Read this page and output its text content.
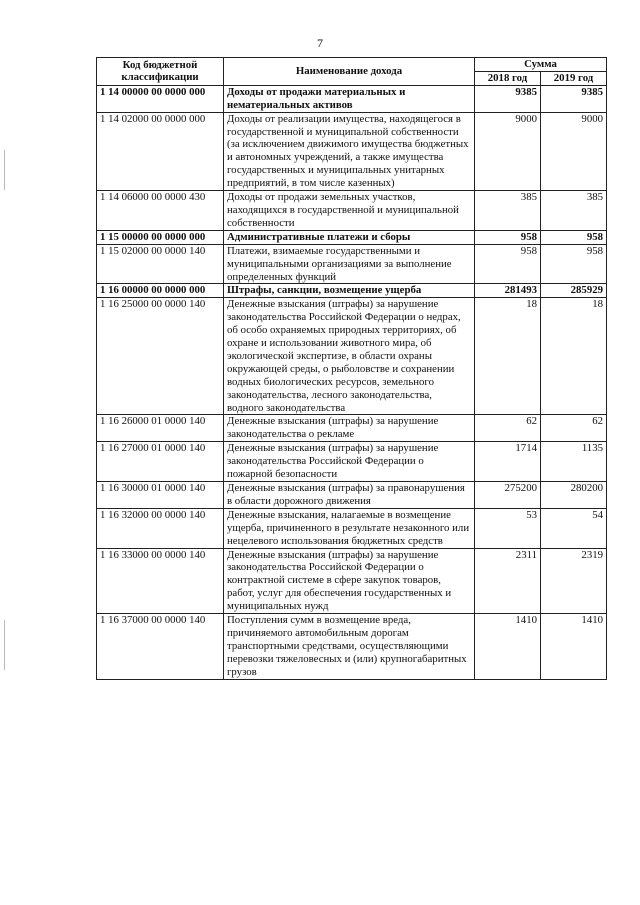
7
Код бюджетной классификации	Наименование дохода	Сумма	
		2018 год	2019 год
1 14 00000 00 0000 000	Доходы от продажи материальных и нематериальных активов	9385	9385
1 14 02000 00 0000 000	Доходы от реализации имущества, находящегося в государственной и муниципальной собственности (за исключением движимого имущества бюджетных и автономных учреждений, а также имущества государственных и муниципальных унитарных предприятий, в том числе казенных)	9000	9000
1 14 06000 00 0000 430	Доходы от продажи земельных участков, находящихся в государственной и муниципальной собственности	385	385
1 15 00000 00 0000 000	Административные платежи и сборы	958	958
1 15 02000 00 0000 140	Платежи, взимаемые государственными и муниципальными организациями за выполнение определенных функций	958	958
1 16 00000 00 0000 000	Штрафы, санкции, возмещение ущерба	281493	285929
1 16 25000 00 0000 140	Денежные взыскания (штрафы) за нарушение законодательства Российской Федерации о недрах, об особо охраняемых природных территориях, об охране и использовании животного мира, об экологической экспертизе, в области охраны окружающей среды, о рыболовстве и сохранении водных биологических ресурсов, земельного законодательства, лесного законодательства, водного законодательства	18	18
1 16 26000 01 0000 140	Денежные взыскания (штрафы) за нарушение законодательства о рекламе	62	62
1 16 27000 01 0000 140	Денежные взыскания (штрафы) за нарушение законодательства Российской Федерации о пожарной безопасности	1714	1135
1 16 30000 01 0000 140	Денежные взыскания (штрафы) за правонарушения в области дорожного движения	275200	280200
1 16 32000 00 0000 140	Денежные взыскания, налагаемые в возмещение ущерба, причиненного в результате незаконного или нецелевого использования бюджетных средств	53	54
1 16 33000 00 0000 140	Денежные взыскания (штрафы) за нарушение законодательства Российской Федерации о контрактной системе в сфере закупок товаров, работ, услуг для обеспечения государственных и муниципальных нужд	2311	2319
1 16 37000 00 0000 140	Поступления сумм в возмещение вреда, причиняемого автомобильным дорогам транспортными средствами, осуществляющими перевозки тяжеловесных и (или) крупногабаритных грузов	1410	1410
